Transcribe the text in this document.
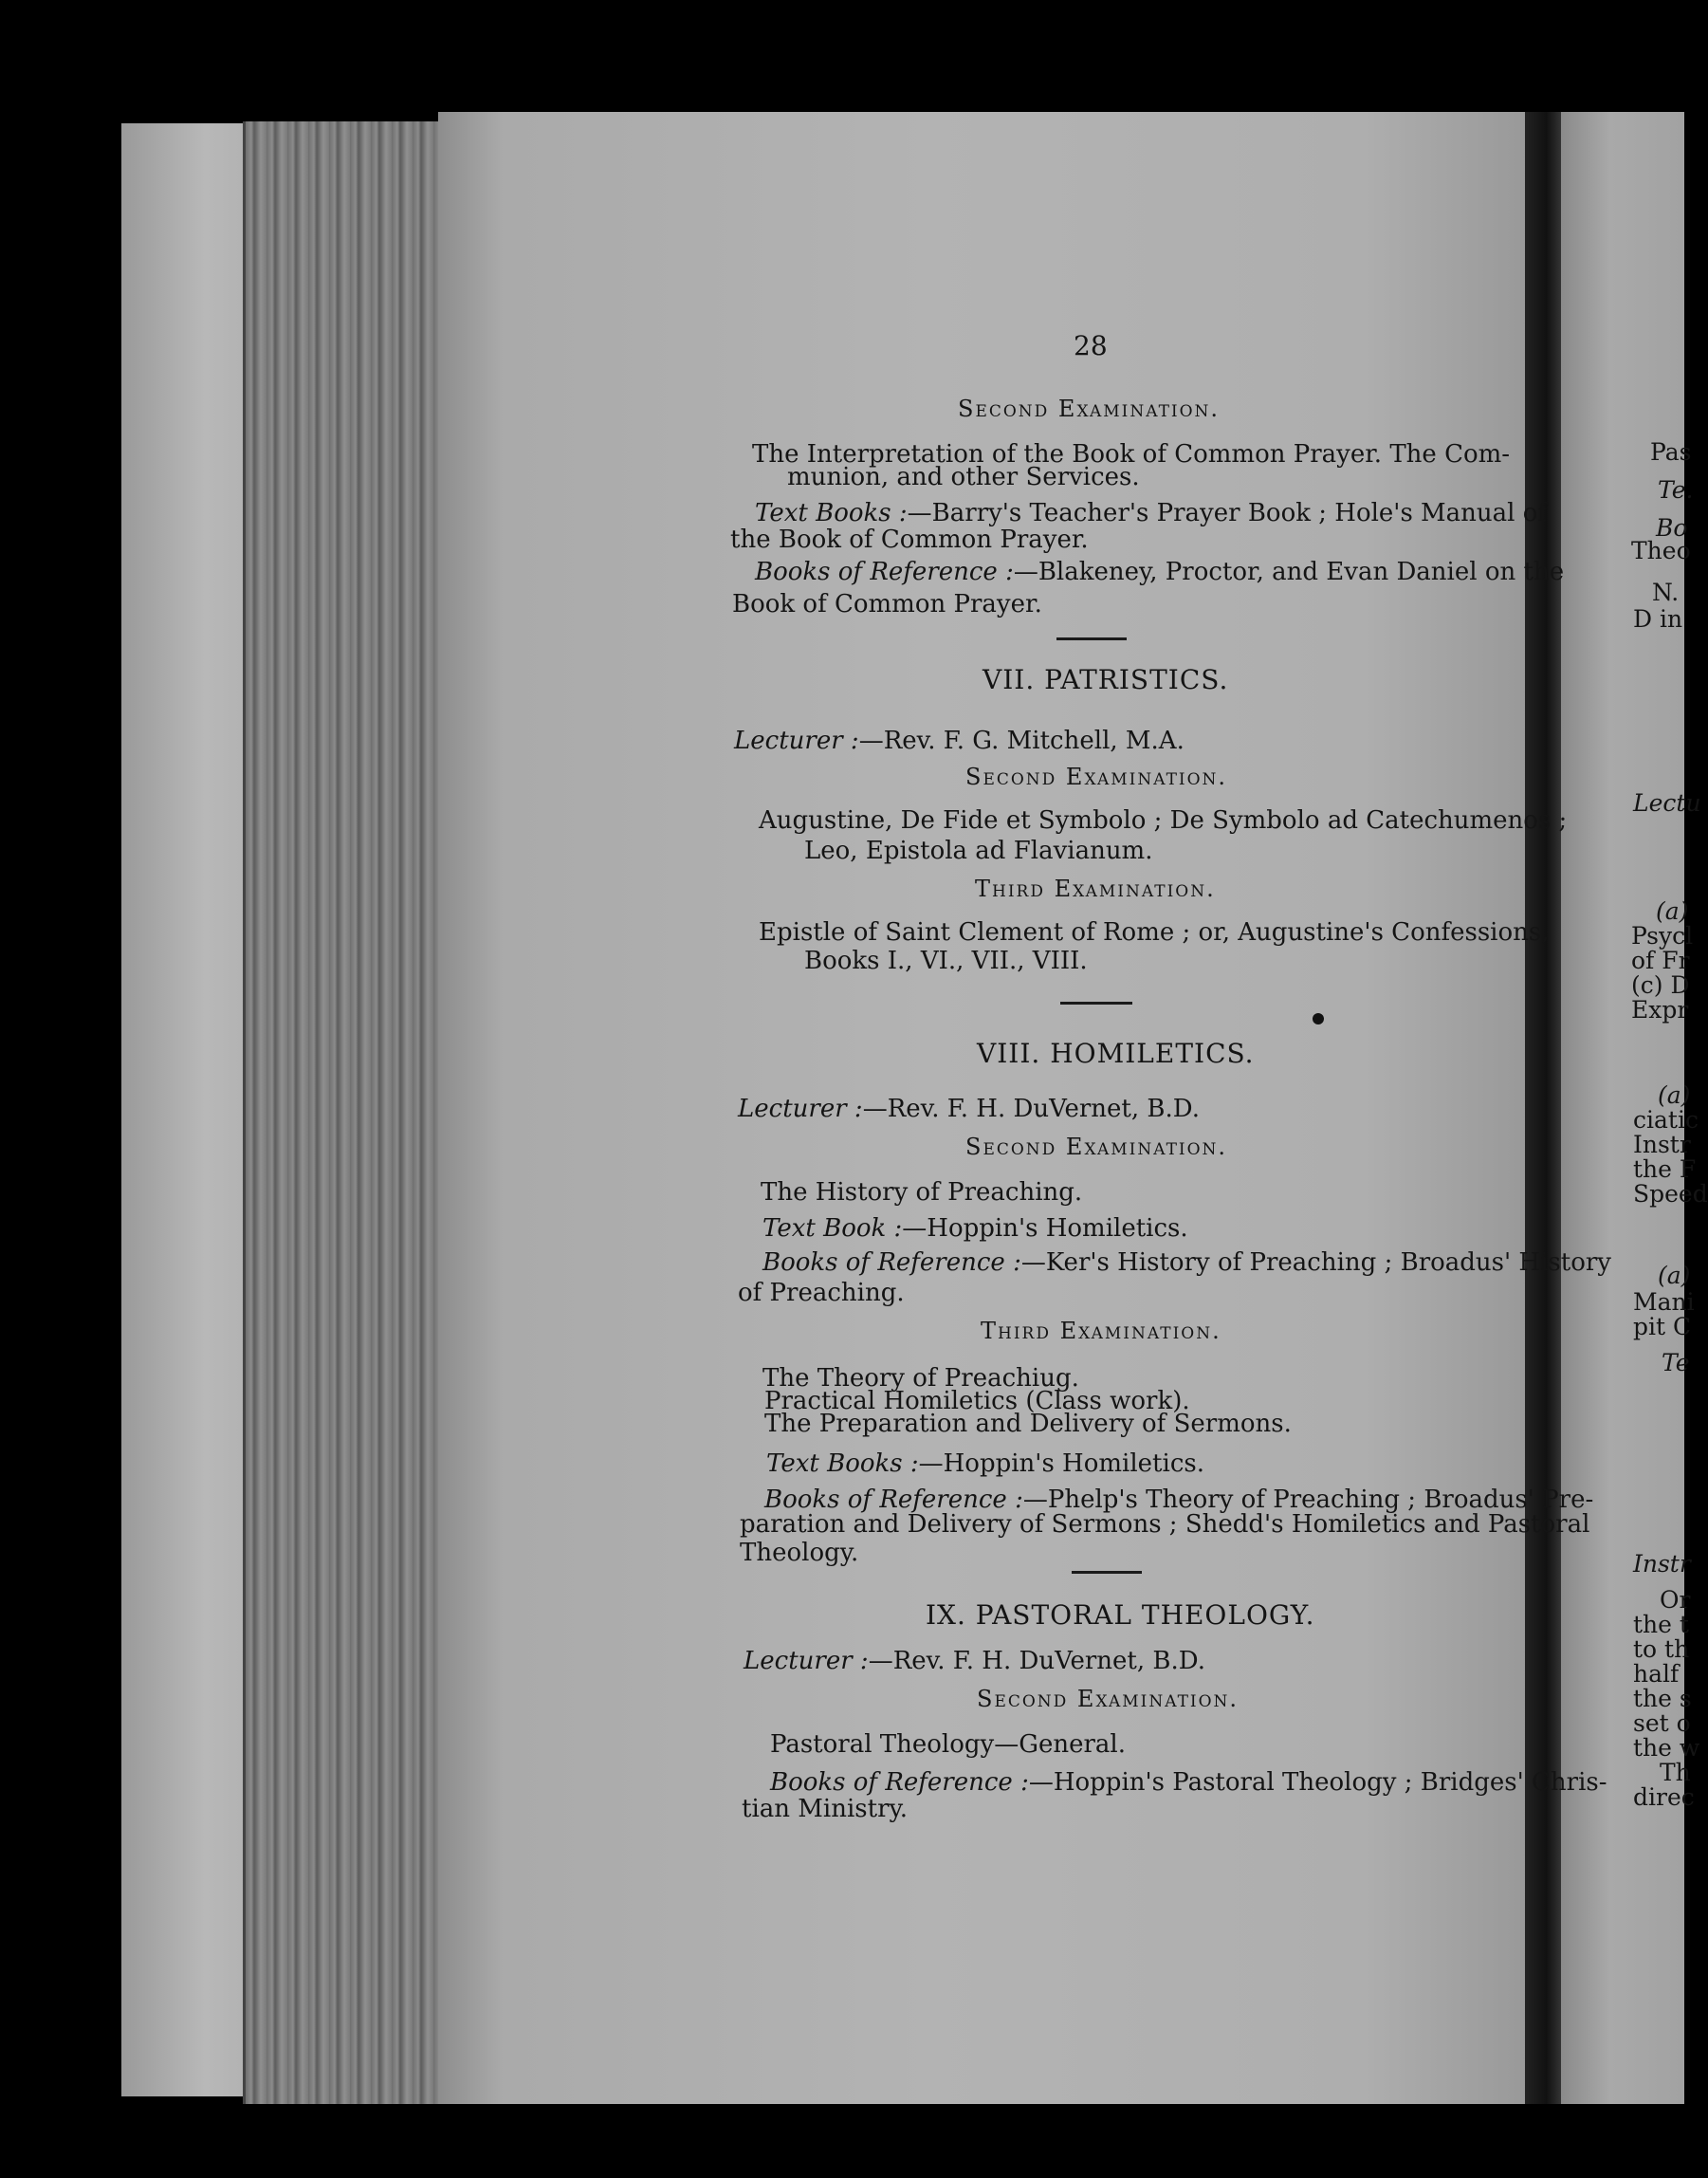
28
Second Examination.
The Interpretation of the Book of Common Prayer. The Com-
munion, and other Services.
Text Books :—Barry's Teacher's Prayer Book ; Hole's Manual of
the Book of Common Prayer.
Books of Reference :—Blakeney, Proctor, and Evan Daniel on the
Book of Common Prayer.
VII. PATRISTICS.
Lecturer :—Rev. F. G. Mitchell, M.A.
Second Examination.
Augustine, De Fide et Symbolo ; De Symbolo ad Catechumenos ;
Leo, Epistola ad Flavianum.
Third Examination.
Epistle of Saint Clement of Rome ; or, Augustine's Confessions,
Books I., VI., VII., VIII.
VIII. HOMILETICS.
Lecturer :—Rev. F. H. DuVernet, B.D.
Second Examination.
The History of Preaching.
Text Book :—Hoppin's Homiletics.
Books of Reference :—Ker's History of Preaching ; Broadus' History
of Preaching.
Third Examination.
The Theory of Preachiug.
Practical Homiletics (Class work).
The Preparation and Delivery of Sermons.
Text Books :—Hoppin's Homiletics.
Books of Reference :—Phelp's Theory of Preaching ; Broadus' Pre-
paration and Delivery of Sermons ; Shedd's Homiletics and Pastoral
Theology.
IX. PASTORAL THEOLOGY.
Lecturer :—Rev. F. H. DuVernet, B.D.
Second Examination.
Pastoral Theology—General.
Books of Reference :—Hoppin's Pastoral Theology ; Bridges' Chris-
tian Ministry.
Pas
Te.
Bo
Theo
N.
D in
Lectu
(a)
Psycl
of Fr
(c) D
Expr
(a)
ciatic
Instr
the F
Speed
(a)
Mani
pit C
Te
Instr
Or
the t
to th
half
the s
set o
the w
Th
direc
